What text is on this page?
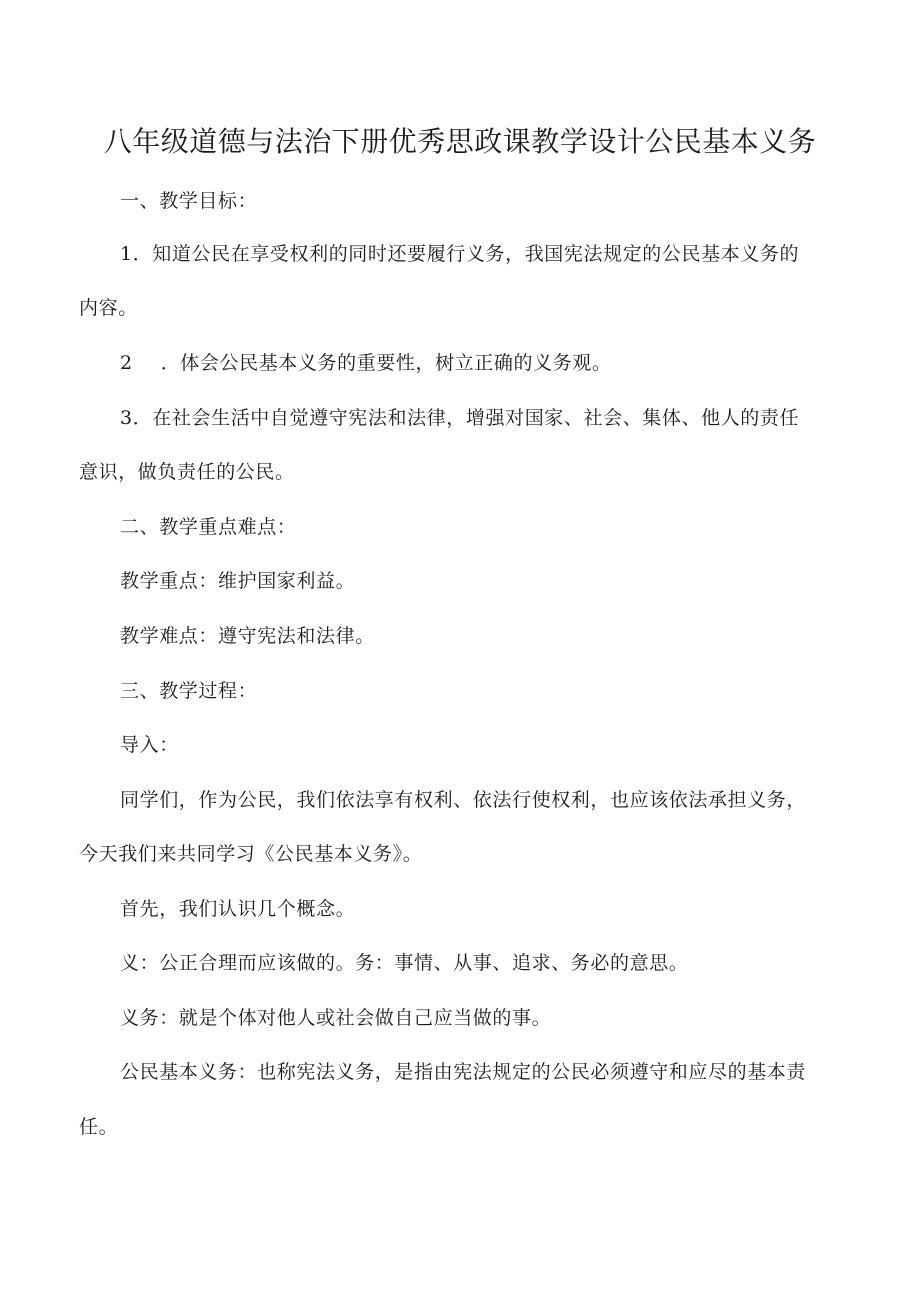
八年级道德与法治下册优秀思政课教学设计公民基本义务
一、教学目标：
1．知道公民在享受权利的同时还要履行义务，我国宪法规定的公民基本义务的
内容。
2 ．体会公民基本义务的重要性，树立正确的义务观。
3．在社会生活中自觉遵守宪法和法律，增强对国家、社会、集体、他人的责任
意识，做负责任的公民。
二、教学重点难点：
教学重点：维护国家利益。
教学难点：遵守宪法和法律。
三、教学过程：
导入：
同学们，作为公民，我们依法享有权利、依法行使权利，也应该依法承担义务，
今天我们来共同学习《公民基本义务》。
首先，我们认识几个概念。
义：公正合理而应该做的。务：事情、从事、追求、务必的意思。
义务：就是个体对他人或社会做自己应当做的事。
公民基本义务：也称宪法义务，是指由宪法规定的公民必须遵守和应尽的基本责
任。
